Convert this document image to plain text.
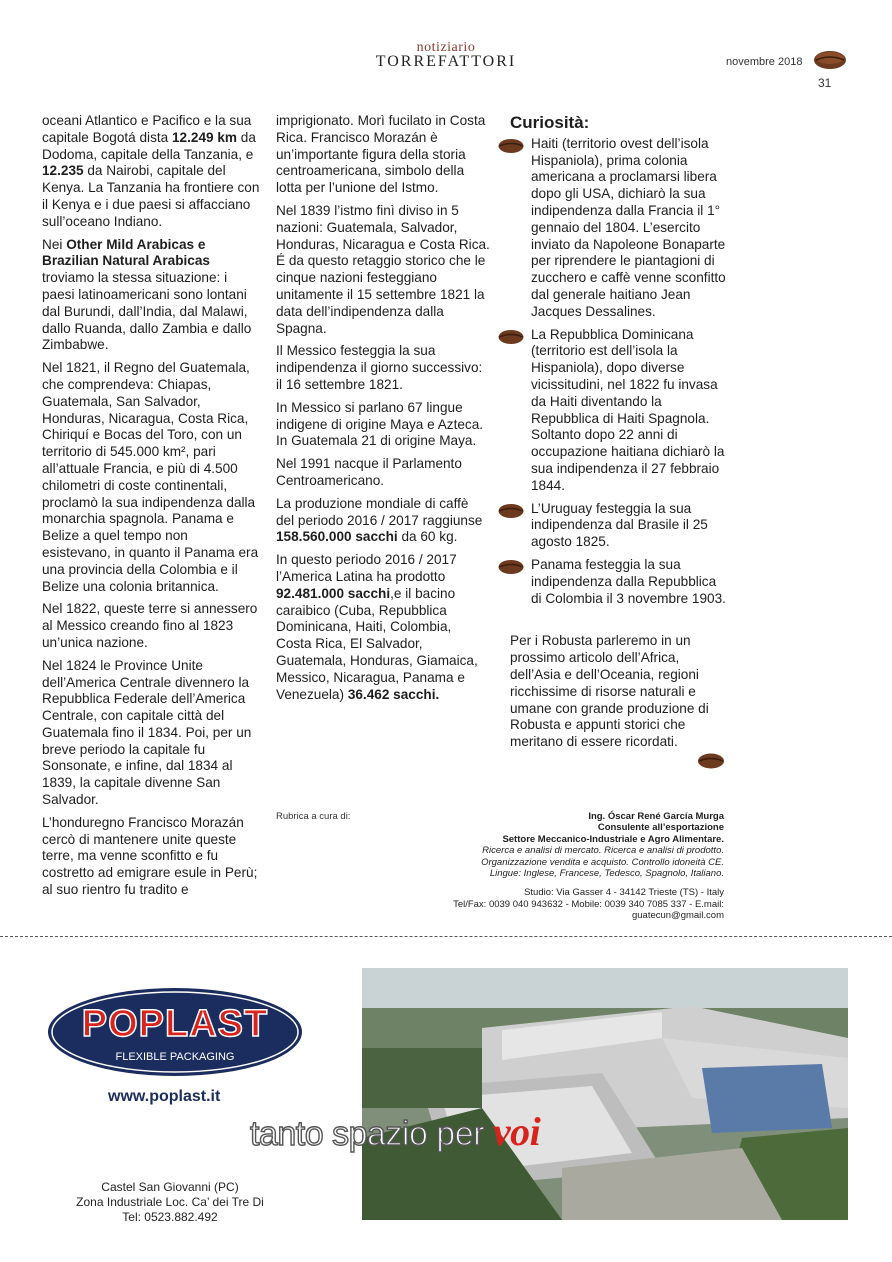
notiziario
TORREFATTORI	novembre 2018
31

oceani Atlantico e Pacifico e la sua capitale Bogotá dista 12.249 km da Dodoma, capitale della Tanzania, e 12.235 da Nairobi, capitale del Kenya. La Tanzania ha frontiere con il Kenya e i due paesi si affacciano sull’oceano Indiano.

Nei Other Mild Arabicas e Brazilian Natural Arabicas troviamo la stessa situazione: i paesi latinoamericani sono lontani dal Burundi, dall’India, dal Malawi, dallo Ruanda, dallo Zambia e dallo Zimbabwe.

Nel 1821, il Regno del Guatemala, che comprendeva: Chiapas, Guatemala, San Salvador, Honduras, Nicaragua, Costa Rica, Chiriquí e Bocas del Toro, con un territorio di 545.000 km², pari all’attuale Francia, e più di 4.500 chilometri di coste continentali, proclamò la sua indipendenza dalla monarchia spagnola. Panama e Belize a quel tempo non esistevano, in quanto il Panama era una provincia della Colombia e il Belize una colonia britannica.

Nel 1822, queste terre si annessero al Messico creando fino al 1823 un’unica nazione.

Nel 1824 le Province Unite dell’America Centrale divennero la Repubblica Federale dell’America Centrale, con capitale città del Guatemala fino il 1834. Poi, per un breve periodo la capitale fu Sonsonate, e infine, dal 1834 al 1839, la capitale divenne San Salvador.

L’honduregno Francisco Morazán cercò di mantenere unite queste terre, ma venne sconfitto e fu costretto ad emigrare esule in Perù; al suo rientro fu tradito e

imprigionato. Morì fucilato in Costa Rica. Francisco Morazán è un’importante figura della storia centroamericana, simbolo della lotta per l’unione del Istmo.

Nel 1839 l’istmo finì diviso in 5 nazioni: Guatemala, Salvador, Honduras, Nicaragua e Costa Rica. É da questo retaggio storico che le cinque nazioni festeggiano unitamente il 15 settembre 1821 la data dell’indipendenza dalla Spagna.

Il Messico festeggia la sua indipendenza il giorno successivo: il 16 settembre 1821.

In Messico si parlano 67 lingue indigene di origine Maya e Azteca. In Guatemala 21 di origine Maya.

Nel 1991 nacque il Parlamento Centroamericano.

La produzione mondiale di caffè del periodo 2016 / 2017 raggiunse 158.560.000 sacchi da 60 kg.

In questo periodo 2016 / 2017 l’America Latina ha prodotto 92.481.000 sacchi,e il bacino caraibico (Cuba, Repubblica Dominicana, Haiti, Colombia, Costa Rica, El Salvador, Guatemala, Honduras, Giamaica, Messico, Nicaragua, Panama e Venezuela) 36.462 sacchi.

Curiosità:
Haiti (territorio ovest dell’isola Hispaniola), prima colonia americana a proclamarsi libera dopo gli USA, dichiarò la sua indipendenza dalla Francia il 1° gennaio del 1804. L’esercito inviato da Napoleone Bonaparte per riprendere le piantagioni di zucchero e caffè venne sconfitto dal generale haitiano Jean Jacques Dessalines.
La Repubblica Dominicana (territorio est dell’isola la Hispaniola), dopo diverse vicissitudini, nel 1822 fu invasa da Haiti diventando la Repubblica di Haiti Spagnola. Soltanto dopo 22 anni di occupazione haitiana dichiarò la sua indipendenza il 27 febbraio 1844.
L’Uruguay festeggia la sua indipendenza dal Brasile il 25 agosto 1825.
Panama festeggia la sua indipendenza dalla Repubblica di Colombia il 3 novembre 1903.

Per i Robusta parleremo in un prossimo articolo dell’Africa, dell’Asia e dell’Oceania, regioni ricchissime di risorse naturali e umane con grande produzione di Robusta e appunti storici che meritano di essere ricordati.

Rubrica a cura di:	Ing. Óscar René García Murga
Consulente all’esportazione
Settore Meccanico-Industriale e Agro Alimentare.
Ricerca e analisi di mercato. Ricerca e analisi di prodotto.
Organizzazione vendita e acquisto. Controllo idoneità CE.
Lingue: Inglese, Francese, Tedesco, Spagnolo, Italiano.
Studio: Via Gasser 4 - 34142 Trieste (TS) - Italy
Tel/Fax: 0039 040 943632 - Mobile: 0039 340 7085 337 - E.mail: guatecun@gmail.com
POPLAST
FLEXIBLE PACKAGING
www.poplast.it
tanto spazio per voi
Castel San Giovanni (PC)
Zona Industriale Loc. Ca’ dei Tre Di
Tel: 0523.882.492
